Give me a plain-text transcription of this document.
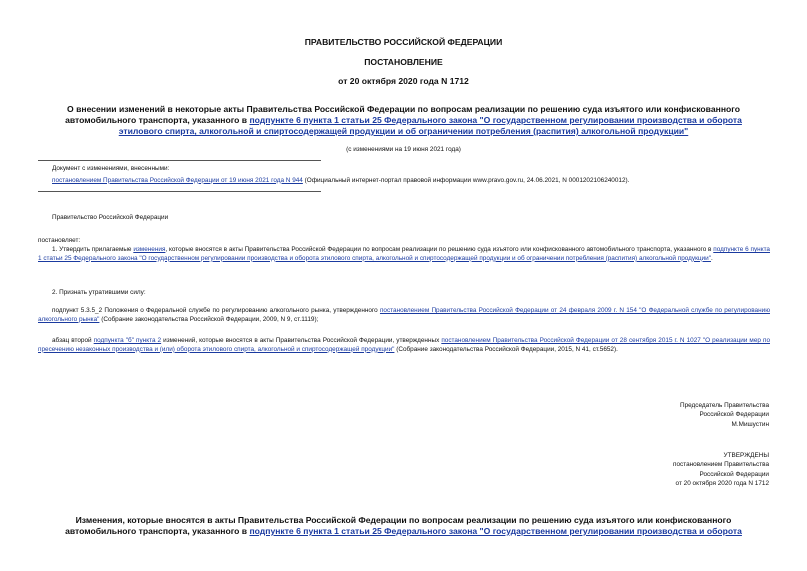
ПРАВИТЕЛЬСТВО РОССИЙСКОЙ ФЕДЕРАЦИИ
ПОСТАНОВЛЕНИЕ
от 20 октября 2020 года N 1712
О внесении изменений в некоторые акты Правительства Российской Федерации по вопросам реализации по решению суда изъятого или конфискованного автомобильного транспорта, указанного в подпункте 6 пункта 1 статьи 25 Федерального закона "О государственном регулировании производства и оборота этилового спирта, алкогольной и спиртосодержащей продукции и об ограничении потребления (распития) алкогольной продукции"
(с изменениями на 19 июня 2021 года)
Документ с изменениями, внесенными:
постановлением Правительства Российской Федерации от 19 июня 2021 года N 944 (Официальный интернет-портал правовой информации www.pravo.gov.ru, 24.06.2021, N 0001202106240012).
Правительство Российской Федерации
постановляет:
1. Утвердить прилагаемые изменения, которые вносятся в акты Правительства Российской Федерации по вопросам реализации по решению суда изъятого или конфискованного автомобильного транспорта, указанного в подпункте 6 пункта 1 статьи 25 Федерального закона "О государственном регулировании производства и оборота этилового спирта, алкогольной и спиртосодержащей продукции и об ограничении потребления (распития) алкогольной продукции".
2. Признать утратившими силу:
подпункт 5.3.5_2 Положения о Федеральной службе по регулированию алкогольного рынка, утвержденного постановлением Правительства Российской Федерации от 24 февраля 2009 г. N 154 "О Федеральной службе по регулированию алкогольного рынка" (Собрание законодательства Российской Федерации, 2009, N 9, ст.1119);
абзац второй подпункта "б" пункта 2 изменений, которые вносятся в акты Правительства Российской Федерации, утвержденных постановлением Правительства Российской Федерации от 28 сентября 2015 г. N 1027 "О реализации мер по пресечению незаконных производства и (или) оборота этилового спирта, алкогольной и спиртосодержащей продукции" (Собрание законодательства Российской Федерации, 2015, N 41, ст.5652).
Председатель Правительства
Российской Федерации
М.Мишустин
УТВЕРЖДЕНЫ
постановлением Правительства
Российской Федерации
от 20 октября 2020 года N 1712
Изменения, которые вносятся в акты Правительства Российской Федерации по вопросам реализации по решению суда изъятого или конфискованного автомобильного транспорта, указанного в подпункте 6 пункта 1 статьи 25 Федерального закона "О государственном регулировании производства и оборота
